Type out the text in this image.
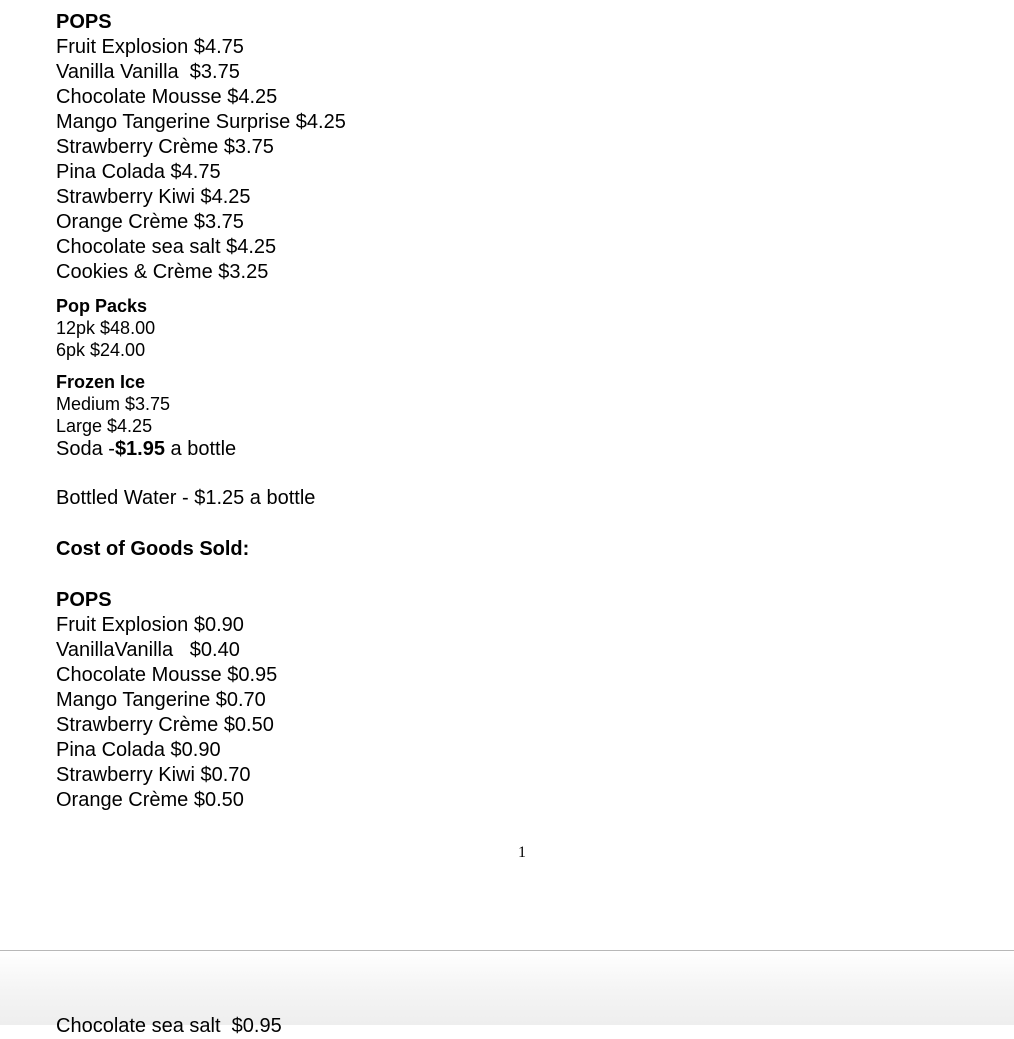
POPS
Fruit Explosion $4.75
Vanilla Vanilla  $3.75
Chocolate Mousse $4.25
Mango Tangerine Surprise $4.25
Strawberry Crème $3.75
Pina Colada $4.75
Strawberry Kiwi $4.25
Orange Crème $3.75
Chocolate sea salt $4.25
Cookies & Crème $3.25
Pop Packs
12pk $48.00
6pk $24.00
Frozen Ice
Medium $3.75
Large $4.25
Soda -$1.95 a bottle
Bottled Water - $1.25 a bottle
Cost of Goods Sold:
POPS
Fruit Explosion $0.90
VanillaVanilla   $0.40
Chocolate Mousse $0.95
Mango Tangerine $0.70
Strawberry Crème $0.50
Pina Colada $0.90
Strawberry Kiwi $0.70
Orange Crème $0.50
1
Chocolate sea salt  $0.95
